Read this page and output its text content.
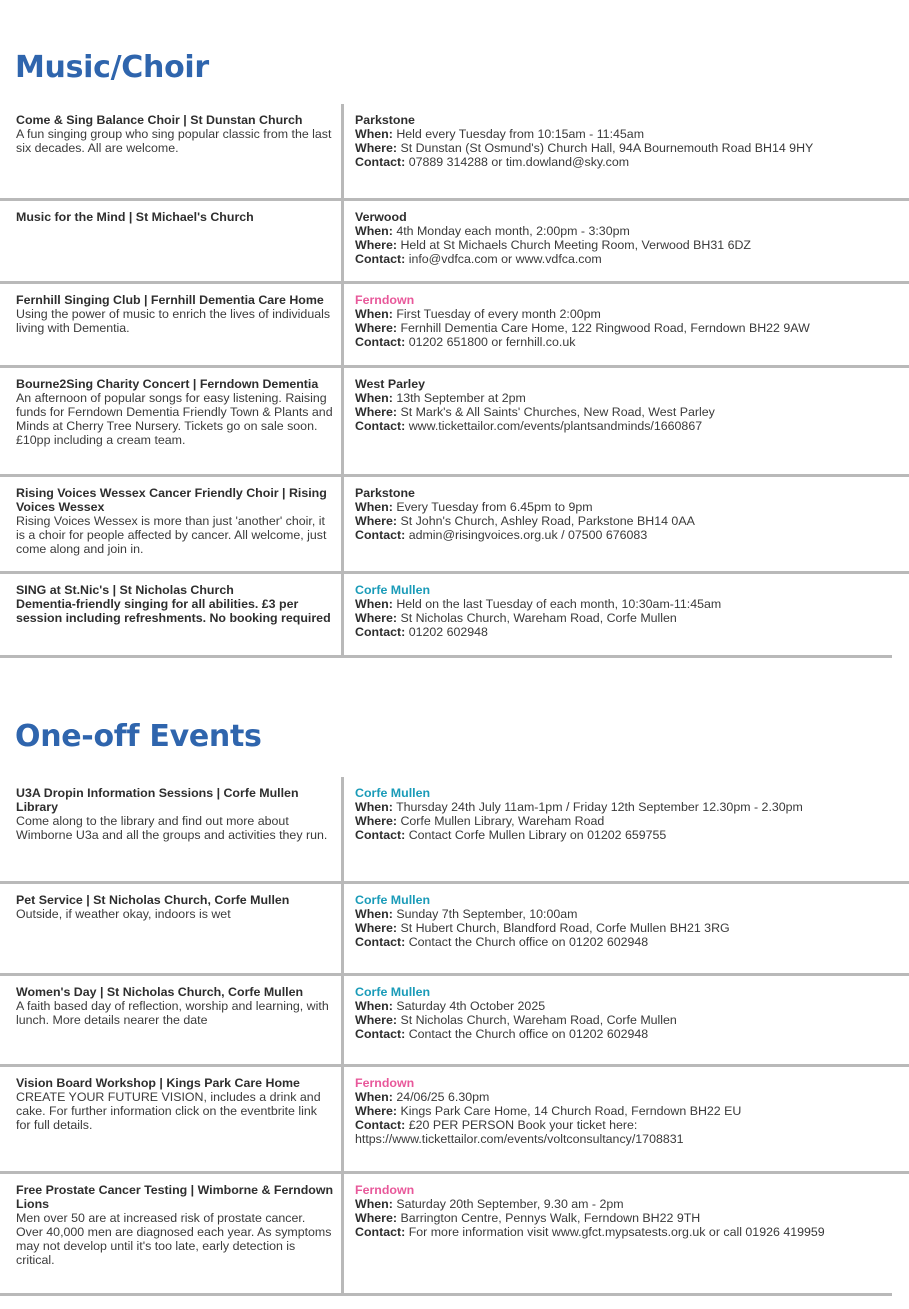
Music/Choir
Come & Sing Balance Choir | St Dunstan Church
A fun singing group who sing popular classic from the last six decades. All are welcome.
Parkstone
When: Held every Tuesday from 10:15am - 11:45am
Where: St Dunstan (St Osmund's) Church Hall, 94A Bournemouth Road BH14 9HY
Contact: 07889 314288 or tim.dowland@sky.com
Music for the Mind | St Michael's Church	Verwood
When: 4th Monday each month, 2:00pm - 3:30pm
Where: Held at St Michaels Church Meeting Room, Verwood BH31 6DZ
Contact: info@vdfca.com or www.vdfca.com
Fernhill Singing Club | Fernhill Dementia Care Home
Using the power of music to enrich the lives of individuals living with Dementia.
Ferndown
When: First Tuesday of every month 2:00pm
Where: Fernhill Dementia Care Home, 122 Ringwood Road, Ferndown BH22 9AW
Contact: 01202 651800 or fernhill.co.uk
Bourne2Sing Charity Concert | Ferndown Dementia
An afternoon of popular songs for easy listening. Raising funds for Ferndown Dementia Friendly Town & Plants and Minds at Cherry Tree Nursery. Tickets go on sale soon. £10pp including a cream team.
West Parley
When: 13th September at 2pm
Where: St Mark's & All Saints' Churches, New Road, West Parley
Contact: www.tickettailor.com/events/plantsandminds/1660867
Rising Voices Wessex Cancer Friendly Choir | Rising Voices Wessex
Rising Voices Wessex is more than just 'another' choir, it is a choir for people affected by cancer. All welcome, just come along and join in.
Parkstone
When: Every Tuesday from 6.45pm to 9pm
Where: St John's Church, Ashley Road, Parkstone BH14 0AA
Contact: admin@risingvoices.org.uk / 07500 676083
SING at St.Nic's | St Nicholas Church
Dementia-friendly singing for all abilities. £3 per session including refreshments. No booking required
Corfe Mullen
When: Held on the last Tuesday of each month, 10:30am-11:45am
Where: St Nicholas Church, Wareham Road, Corfe Mullen
Contact: 01202 602948
One-off Events
U3A Dropin Information Sessions | Corfe Mullen Library
Come along to the library and find out more about Wimborne U3a and all the groups and activities they run.
Corfe Mullen
When: Thursday 24th July 11am-1pm / Friday 12th September 12.30pm - 2.30pm
Where: Corfe Mullen Library, Wareham Road
Contact: Contact Corfe Mullen Library on 01202 659755
Pet Service | St Nicholas Church, Corfe Mullen
Outside, if weather okay, indoors is wet
Corfe Mullen
When: Sunday 7th September, 10:00am
Where: St Hubert Church, Blandford Road, Corfe Mullen BH21 3RG
Contact: Contact the Church office on 01202 602948
Women's Day | St Nicholas Church, Corfe Mullen
A faith based day of reflection, worship and learning, with lunch. More details nearer the date
Corfe Mullen
When: Saturday 4th October 2025
Where: St Nicholas Church, Wareham Road, Corfe Mullen
Contact: Contact the Church office on 01202 602948
Vision Board Workshop | Kings Park Care Home
CREATE YOUR FUTURE VISION, includes a drink and cake. For further information click on the eventbrite link for full details.
Ferndown
When: 24/06/25 6.30pm
Where: Kings Park Care Home, 14 Church Road, Ferndown BH22 EU
Contact: £20 PER PERSON Book your ticket here:
https://www.tickettailor.com/events/voltconsultancy/1708831
Free Prostate Cancer Testing | Wimborne & Ferndown Lions
Men over 50 are at increased risk of prostate cancer. Over 40,000 men are diagnosed each year. As symptoms may not develop until it's too late, early detection is critical.
Ferndown
When: Saturday 20th September, 9.30 am - 2pm
Where: Barrington Centre, Pennys Walk, Ferndown BH22 9TH
Contact: For more information visit www.gfct.mypsatests.org.uk or call 01926 419959
